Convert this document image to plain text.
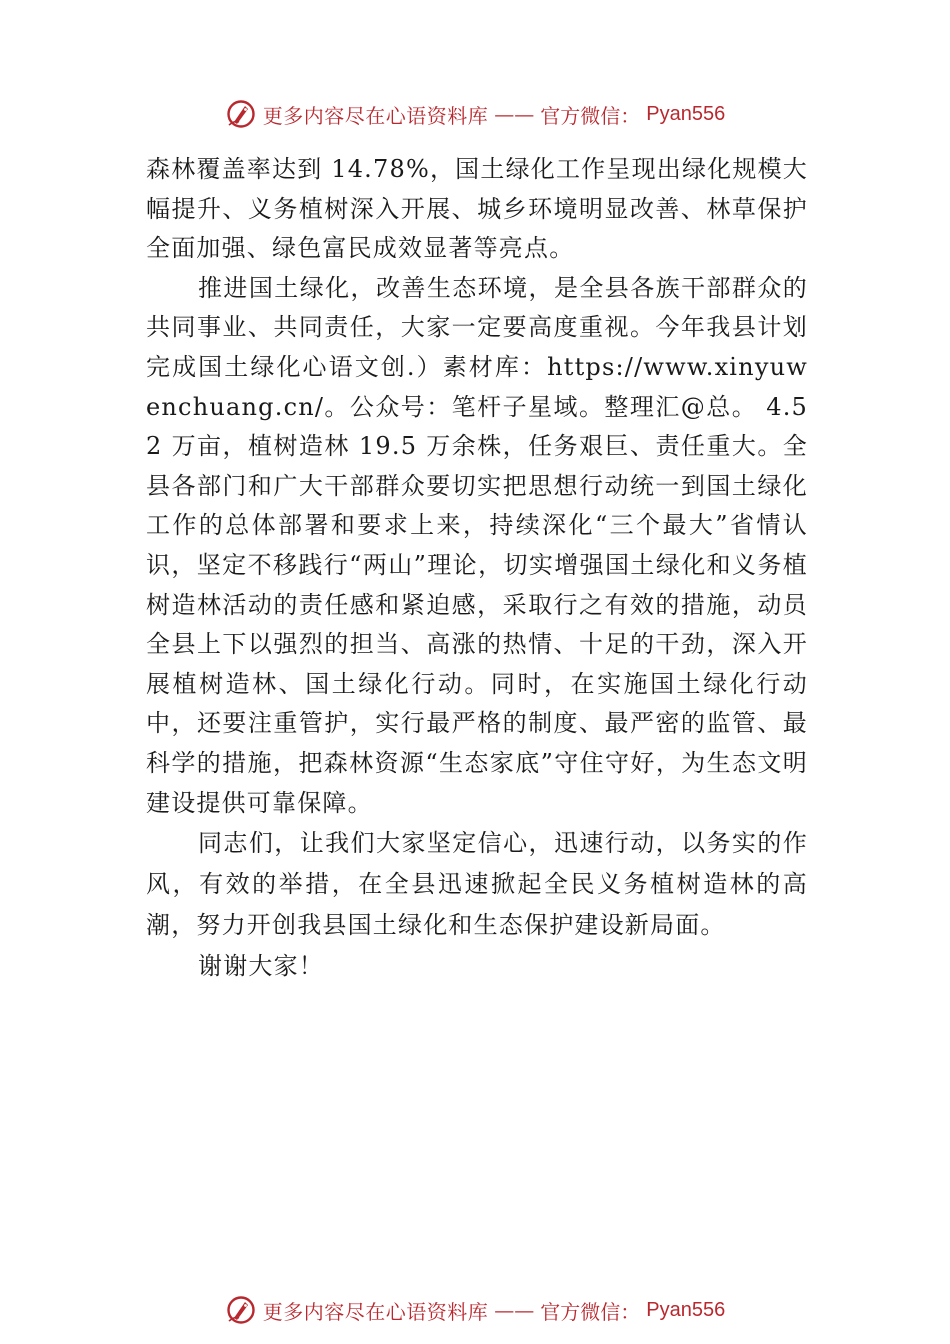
更多内容尽在心语资料库 —— 官方微信： Pyan556

森林覆盖率达到 14.78%，国土绿化工作呈现出绿化规模大幅提升、义务植树深入开展、城乡环境明显改善、林草保护全面加强、绿色富民成效显著等亮点。

推进国土绿化，改善生态环境，是全县各族干部群众的共同事业、共同责任，大家一定要高度重视。今年我县计划完成国土绿化心语文创.）素材库：https://www.xinyuwenchuang.cn/。公众号：笔杆子星域。整理汇@总。 4.52 万亩，植树造林 19.5 万余株，任务艰巨、责任重大。全县各部门和广大干部群众要切实把思想行动统一到国土绿化工作的总体部署和要求上来，持续深化“三个最大”省情认识，坚定不移践行“两山”理论，切实增强国土绿化和义务植树造林活动的责任感和紧迫感，采取行之有效的措施，动员全县上下以强烈的担当、高涨的热情、十足的干劲，深入开展植树造林、国土绿化行动。同时，在实施国土绿化行动中，还要注重管护，实行最严格的制度、最严密的监管、最科学的措施，把森林资源“生态家底”守住守好，为生态文明建设提供可靠保障。

同志们，让我们大家坚定信心，迅速行动，以务实的作风，有效的举措，在全县迅速掀起全民义务植树造林的高潮，努力开创我县国土绿化和生态保护建设新局面。

谢谢大家！

更多内容尽在心语资料库 —— 官方微信： Pyan556
